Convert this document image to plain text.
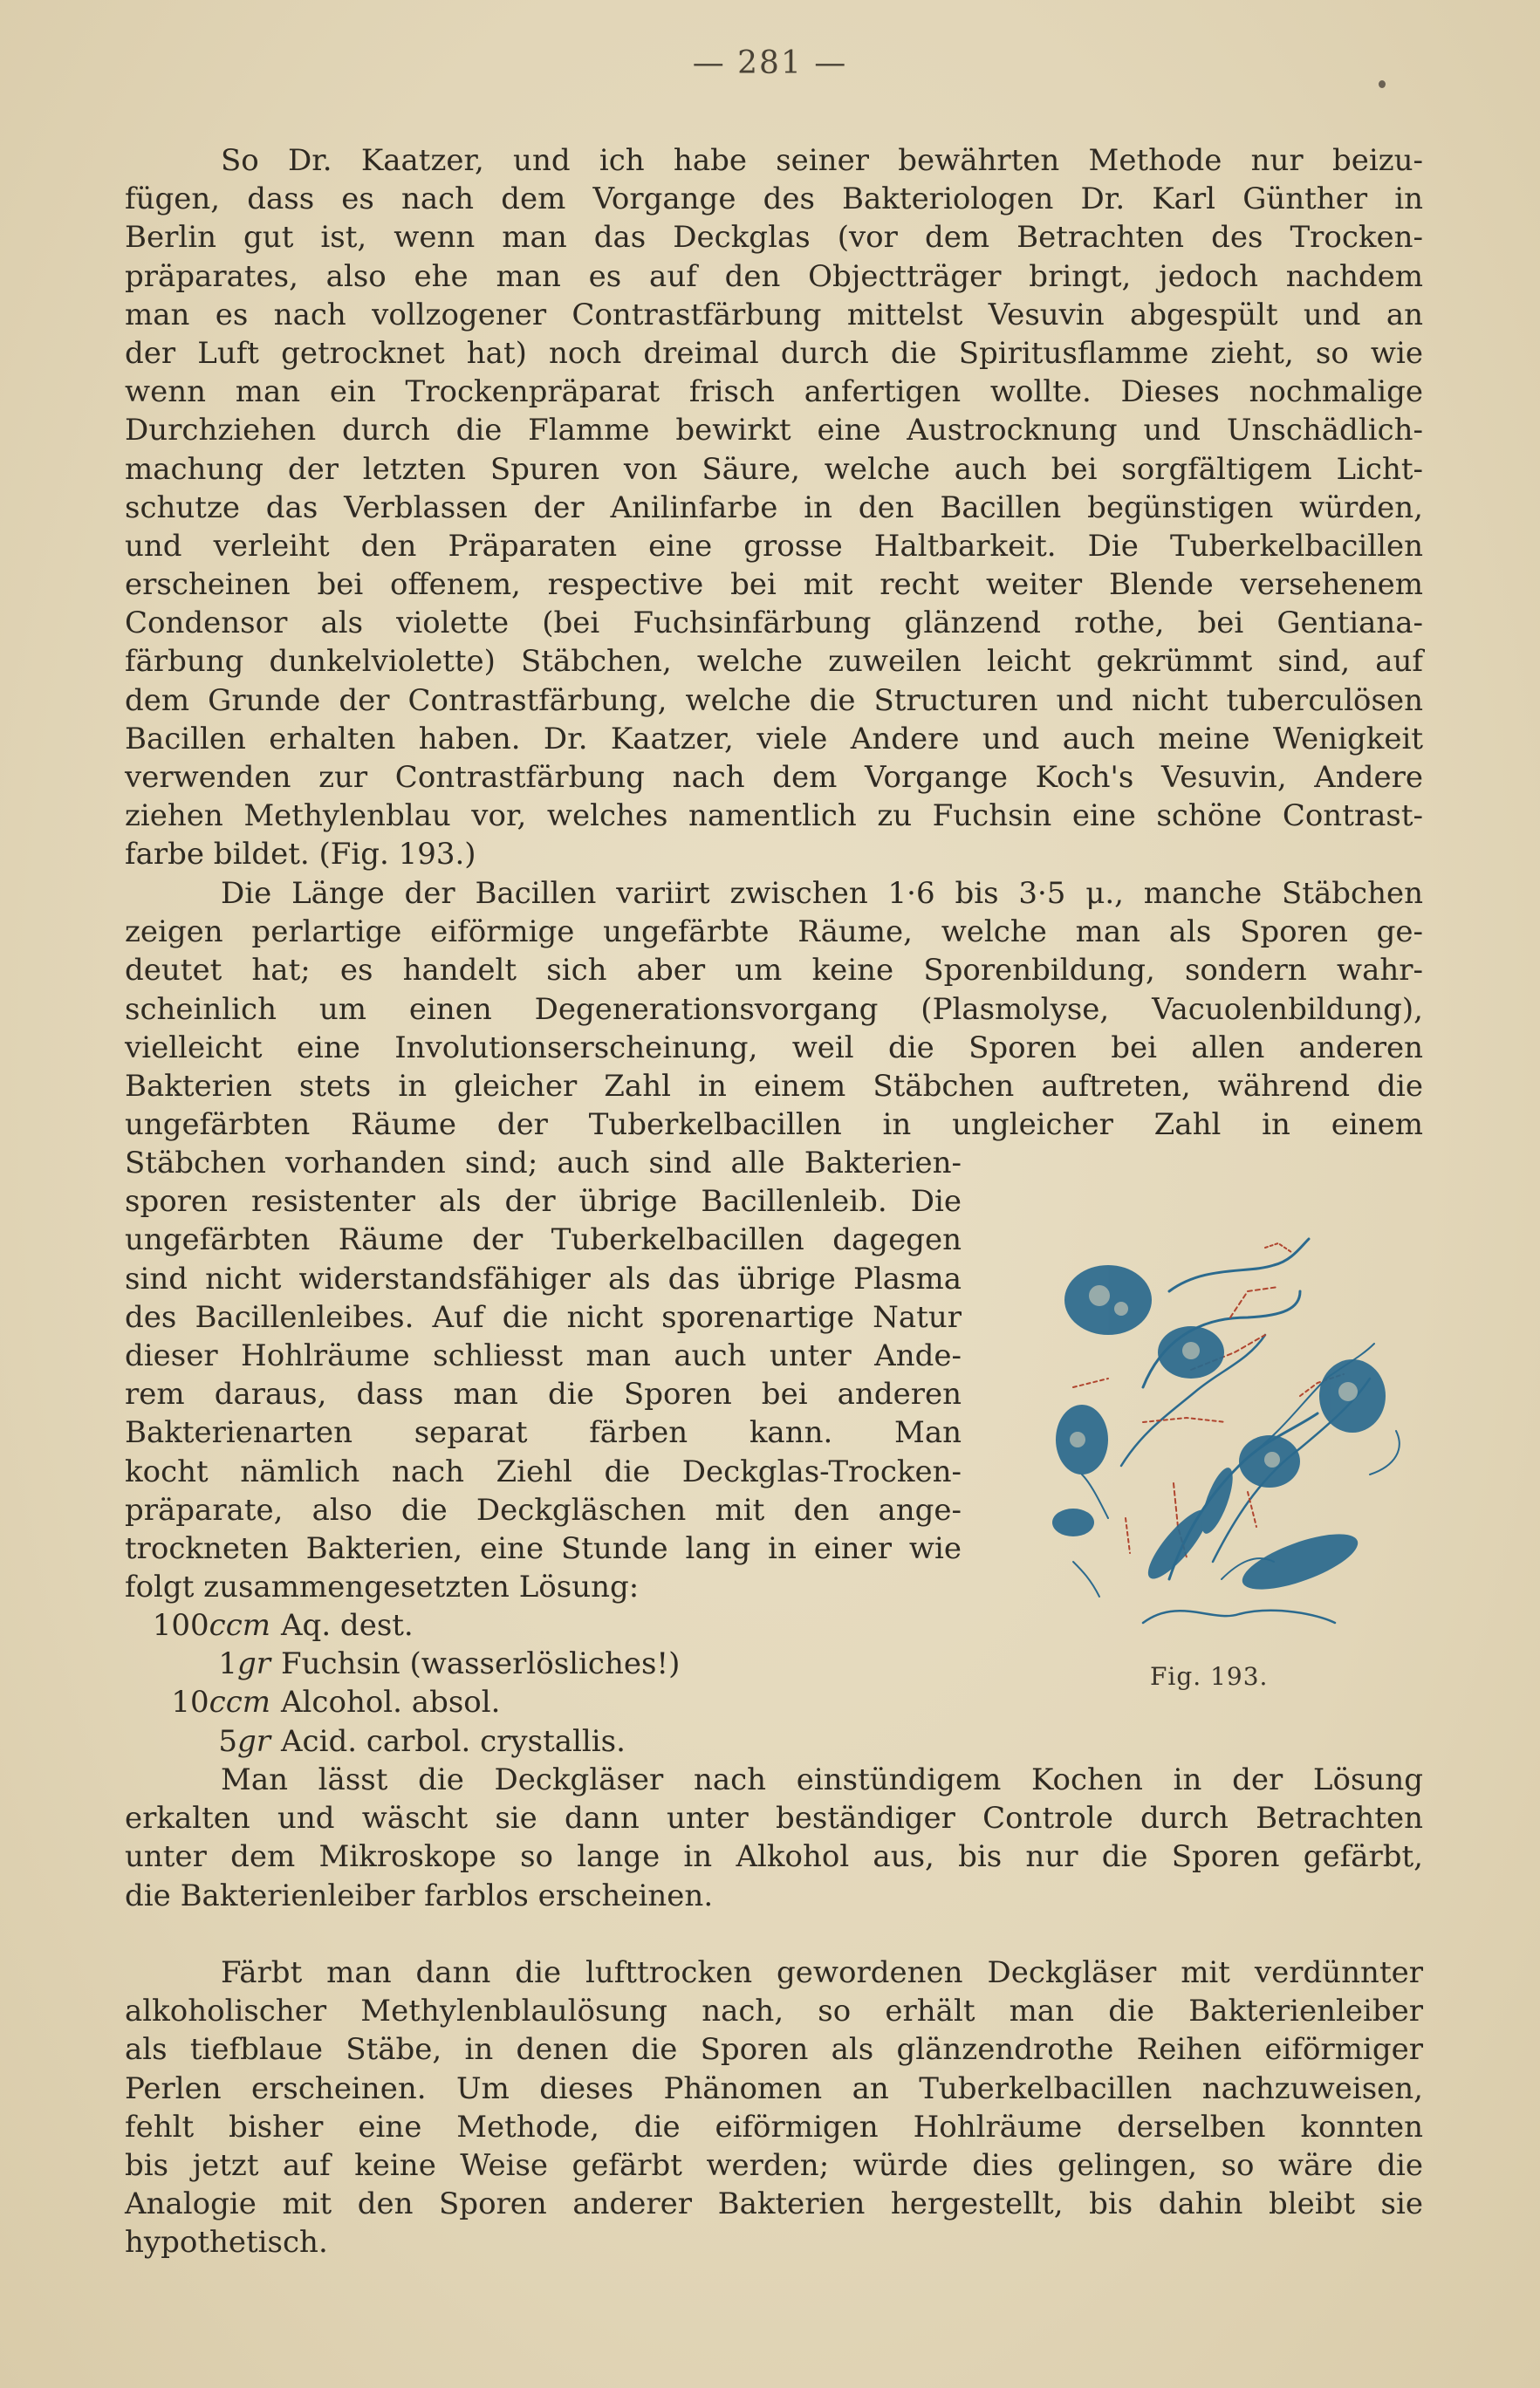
— 281 —
So Dr. Kaatzer, und ich habe seiner bewährten Methode nur beizu-
fügen, dass es nach dem Vorgange des Bakteriologen Dr. Karl Günther in
Berlin gut ist, wenn man das Deckglas (vor dem Betrachten des Trocken-
präparates, also ehe man es auf den Objectträger bringt, jedoch nachdem
man es nach vollzogener Contrastfärbung mittelst Vesuvin abgespült und an
der Luft getrocknet hat) noch dreimal durch die Spiritusflamme zieht, so wie
wenn man ein Trockenpräparat frisch anfertigen wollte. Dieses nochmalige
Durchziehen durch die Flamme bewirkt eine Austrocknung und Unschädlich-
machung der letzten Spuren von Säure, welche auch bei sorgfältigem Licht-
schutze das Verblassen der Anilinfarbe in den Bacillen begünstigen würden,
und verleiht den Präparaten eine grosse Haltbarkeit. Die Tuberkelbacillen
erscheinen bei offenem, respective bei mit recht weiter Blende versehenem
Condensor als violette (bei Fuchsinfärbung glänzend rothe, bei Gentiana-
färbung dunkelviolette) Stäbchen, welche zuweilen leicht gekrümmt sind, auf
dem Grunde der Contrastfärbung, welche die Structuren und nicht tuberculösen
Bacillen erhalten haben. Dr. Kaatzer, viele Andere und auch meine Wenigkeit
verwenden zur Contrastfärbung nach dem Vorgange Koch's Vesuvin, Andere
ziehen Methylenblau vor, welches namentlich zu Fuchsin eine schöne Contrast-
farbe bildet. (Fig. 193.)
Die Länge der Bacillen variirt zwischen 1·6 bis 3·5 μ., manche Stäbchen
zeigen perlartige eiförmige ungefärbte Räume, welche man als Sporen ge-
deutet hat; es handelt sich aber um keine Sporenbildung, sondern wahr-
scheinlich um einen Degenerationsvorgang (Plasmolyse, Vacuolenbildung),
vielleicht eine Involutionserscheinung, weil die Sporen bei allen anderen
Bakterien stets in gleicher Zahl in einem Stäbchen auftreten, während die
ungefärbten Räume der Tuberkelbacillen in ungleicher Zahl in einem
Stäbchen vorhanden sind; auch sind alle Bakterien-
sporen resistenter als der übrige Bacillenleib. Die
ungefärbten Räume der Tuberkelbacillen dagegen
sind nicht widerstandsfähiger als das übrige Plasma
des Bacillenleibes. Auf die nicht sporenartige Natur
dieser Hohlräume schliesst man auch unter Ande-
rem daraus, dass man die Sporen bei anderen
Bakterienarten separat färben kann. Man
kocht nämlich nach Ziehl die Deckglas-Trocken-
präparate, also die Deckgläschen mit den ange-
trockneten Bakterien, eine Stunde lang in einer wie
folgt zusammengesetzten Lösung:
100ccm Aq. dest.
1gr Fuchsin (wasserlösliches!)
10ccm Alcohol. absol.
5gr Acid. carbol. crystallis.
Fig. 193.
Man lässt die Deckgläser nach einstündigem Kochen in der Lösung
erkalten und wäscht sie dann unter beständiger Controle durch Betrachten
unter dem Mikroskope so lange in Alkohol aus, bis nur die Sporen gefärbt,
die Bakterienleiber farblos erscheinen.
Färbt man dann die lufttrocken gewordenen Deckgläser mit verdünnter
alkoholischer Methylenblaulösung nach, so erhält man die Bakterienleiber
als tiefblaue Stäbe, in denen die Sporen als glänzendrothe Reihen eiförmiger
Perlen erscheinen. Um dieses Phänomen an Tuberkelbacillen nachzuweisen,
fehlt bisher eine Methode, die eiförmigen Hohlräume derselben konnten
bis jetzt auf keine Weise gefärbt werden; würde dies gelingen, so wäre die
Analogie mit den Sporen anderer Bakterien hergestellt, bis dahin bleibt sie
hypothetisch.
